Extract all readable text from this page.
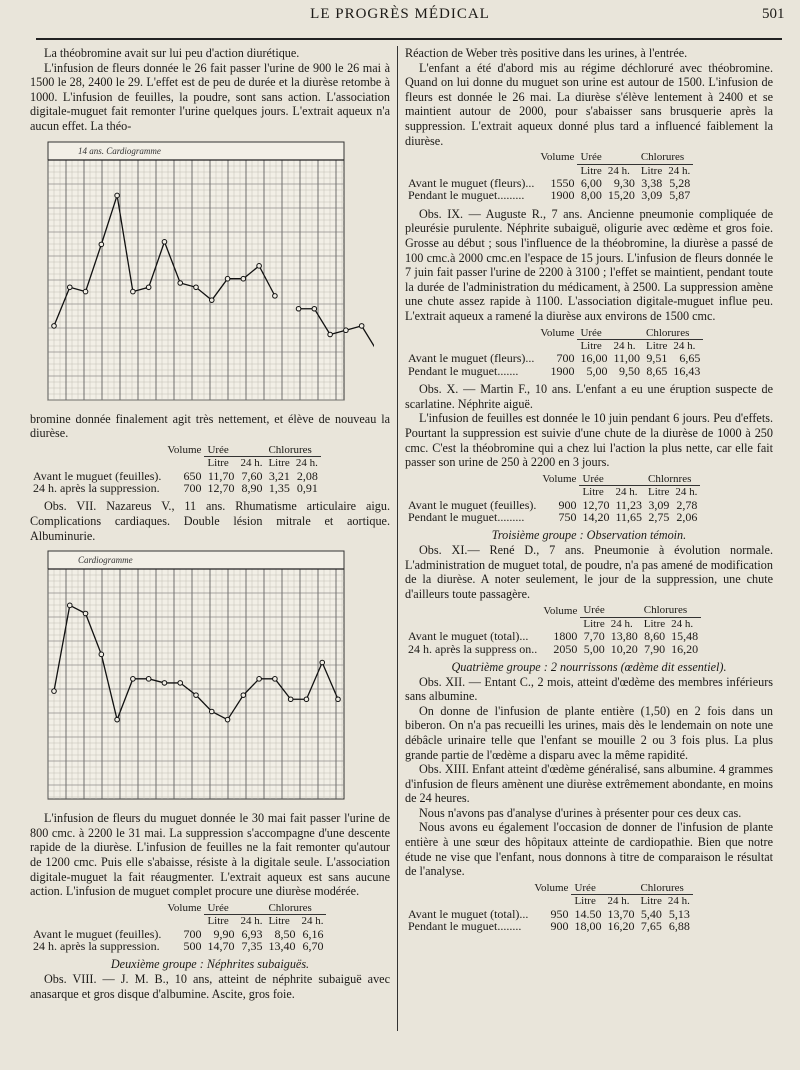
LE PROGRÈS MÉDICAL	501

La théobromine avait sur lui peu d'action diurétique.

L'infusion de fleurs donnée le 26 fait passer l'urine de 900 le 26 mai à 1500 le 28, 2400 le 29. L'effet est de peu de durée et la diurèse retombe à 1000. L'infusion de feuilles, la poudre, sont sans action. L'association digitale-muguet fait remonter l'urine quelques jours. L'extrait aqueux n'a aucun effet. La théo-

14 ans. Cardiogramme

bromine donnée finalement agit très nettement, et élève de nouveau la diurèse.

	Volume	Urée		Chlorures	
		Litre	24 h.	Litre	24 h.
Avant le muguet (feuilles).	650	11,70	7,60	3,21	2,08
24 h. après la suppression.	700	12,70	8,90	1,35	0,91

Obs. VII. Nazareus V., 11 ans. Rhumatisme articulaire aigu. Complications cardiaques. Double lésion mitrale et aortique. Albuminurie.

Cardiogramme

L'infusion de fleurs du muguet donnée le 30 mai fait passer l'urine de 800 cmc. à 2200 le 31 mai. La suppression s'accompagne d'une descente rapide de la diurèse. L'infusion de feuilles ne la fait remonter qu'autour de 1200 cmc. Puis elle s'abaisse, résiste à la digitale seule. L'association digitale-muguet la fait réaugmenter. L'extrait aqueux est sans aucune action. L'infusion de muguet complet procure une diurèse modérée.

	Volume	Urée		Chlorures	
		Litre	24 h.	Litre	24 h.
Avant le muguet (feuilles).	700	9,90	6,93	8,50	6,16
24 h. après la suppression.	500	14,70	7,35	13,40	6,70

Deuxième groupe : Néphrites subaiguës.

Obs. VIII. — J. M. B., 10 ans, atteint de néphrite subaiguë avec anasarque et gros disque d'albumine. Ascite, gros foie.

Réaction de Weber très positive dans les urines, à l'entrée.

L'enfant a été d'abord mis au régime déchloruré avec théobromine. Quand on lui donne du muguet son urine est autour de 1500. L'infusion de fleurs est donnée le 26 mai. La diurèse s'élève lentement à 2400 et se maintient autour de 2000, pour s'abaisser sans brusquerie après la suppression. L'extrait aqueux donné plus tard a influencé faiblement la diurèse.

	Volume	Urée		Chlorures	
		Litre	24 h.	Litre	24 h.
Avant le muguet (fleurs)...	1550	6,00	9,30	3,38	5,28
Pendant le muguet.........	1900	8,00	15,20	3,09	5,87

Obs. IX. — Auguste R., 7 ans. Ancienne pneumonie compliquée de pleurésie purulente. Néphrite subaiguë, oligurie avec œdème et gros foie. Grosse au début ; sous l'influence de la théobromine, la diurèse a passé de 100 cmc.à 2000 cmc.en l'espace de 15 jours. L'infusion de fleurs donnée le 7 juin fait passer l'urine de 2200 à 3100 ; l'effet se maintient, pendant toute la durée de l'administration du médicament, à 2500. La suppression amène une chute assez rapide à 1100. L'association digitale-muguet influe peu. L'extrait aqueux a ramené la diurèse aux environs de 1500 cmc.

	Volume	Urée		Chlorures	
		Litre	24 h.	Litre	24 h.
Avant le muguet (fleurs)...	700	16,00	11,00	9,51	6,65
Pendant le muguet.......	1900	5,00	9,50	8,65	16,43

Obs. X. — Martin F., 10 ans. L'enfant a eu une éruption suspecte de scarlatine. Néphrite aiguë.

L'infusion de feuilles est donnée le 10 juin pendant 6 jours. Peu d'effets. Pourtant la suppression est suivie d'une chute de la diurèse de 1000 à 250 cmc. C'est la théobromine qui a chez lui l'action la plus nette, car elle fait passer son urine de 250 à 2200 en 3 jours.

	Volume	Urée		Chlornres	
		Litre	24 h.	Litre	24 h.
Avant le muguet (feuilles).	900	12,70	11,23	3,09	2,78
Pendant le muguet.........	750	14,20	11,65	2,75	2,06

Troisième groupe : Observation témoin.

Obs. XI.— René D., 7 ans. Pneumonie à évolution normale. L'administration de muguet total, de poudre, n'a pas amené de modification de la diurèse. A noter seulement, le jour de la suppression, une chute d'ailleurs toute passagère.

	Volume	Urée		Chlorures	
		Litre	24 h.	Litre	24 h.
Avant le muguet (total)...	1800	7,70	13,80	8,60	15,48
24 h. après la suppress on..	2050	5,00	10,20	7,90	16,20

Quatrième groupe : 2 nourrissons (œdème dit essentiel).

Obs. XII. — Entant C., 2 mois, atteint d'œdème des membres inférieurs sans albumine.

On donne de l'infusion de plante entière (1,50) en 2 fois dans un biberon. On n'a pas recueilli les urines, mais dès le lendemain on note une débâcle urinaire telle que l'enfant se mouille 2 ou 3 fois plus. La plus grande partie de l'œdème a disparu avec la même rapidité.

Obs. XIII. Enfant atteint d'œdème généralisé, sans albumine. 4 grammes d'infusion de fleurs amènent une diurèse extrêmement abondante, en moins de 24 heures.

Nous n'avons pas d'analyse d'urines à présenter pour ces deux cas.

Nous avons eu également l'occasion de donner de l'infusion de plante entière à une sœur des hôpitaux atteinte de cardiopathie. Bien que notre étude ne vise que l'enfant, nous donnons à titre de comparaison le résultat de l'analyse.

	Volume	Urée		Chlorures	
		Litre	24 h.	Litre	24 h.
Avant le muguet (total)...	950	14.50	13,70	5,40	5,13
Pendant le muguet........	900	18,00	16,20	7,65	6,88
